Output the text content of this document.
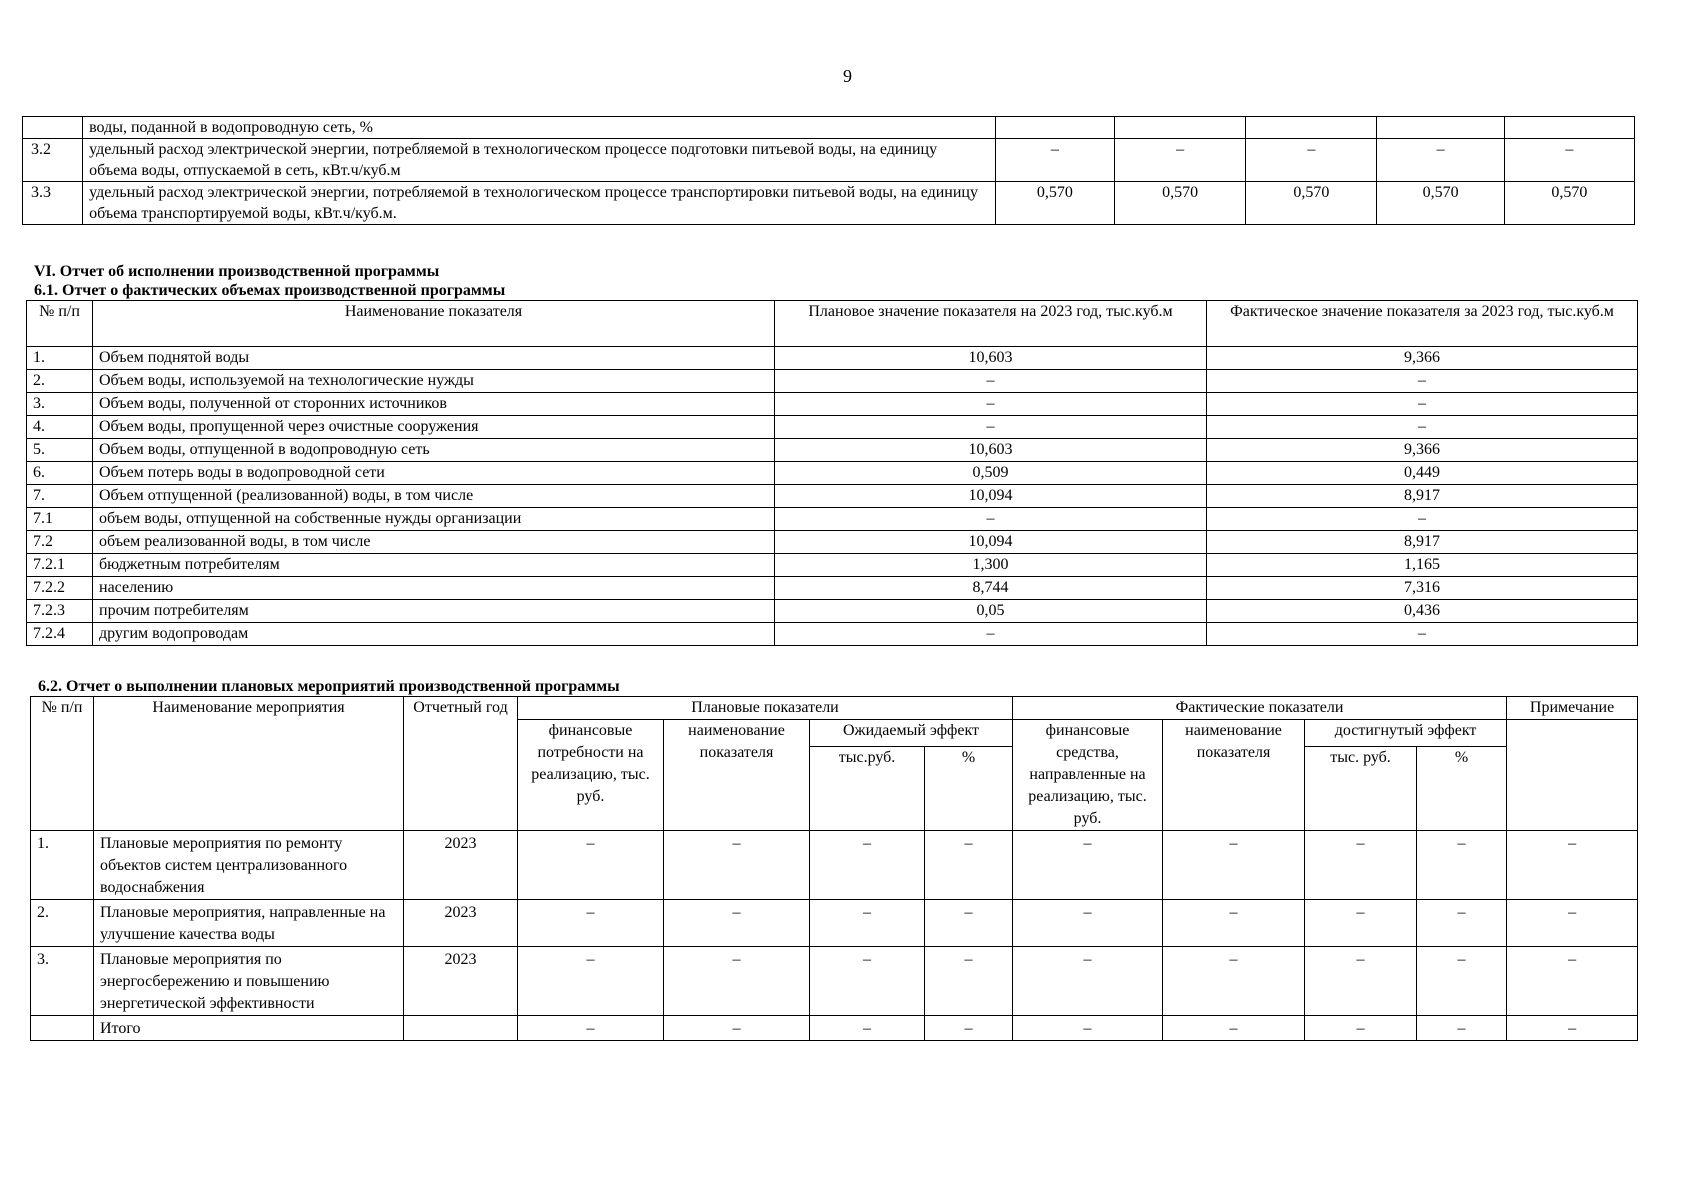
9
	воды, поданной в водопроводную сеть, %					
3.2	удельный расход электрической энергии, потребляемой в технологическом процессе подготовки питьевой воды, на единицу объема воды, отпускаемой в сеть, кВт.ч/куб.м	–	–	–	–	–
3.3	удельный расход электрической энергии, потребляемой в технологическом процессе транспортировки питьевой воды, на единицу объема транспортируемой воды, кВт.ч/куб.м.	0,570	0,570	0,570	0,570	0,570
VI. Отчет об исполнении производственной программы
6.1. Отчет о фактических объемах производственной программы
№ п/п	Наименование показателя	Плановое значение показателя на 2023 год, тыс.куб.м	Фактическое значение показателя за 2023 год, тыс.куб.м
1.	Объем поднятой воды	10,603	9,366
2.	Объем воды, используемой на технологические нужды	–	–
3.	Объем воды, полученной от сторонних источников	–	–
4.	Объем воды, пропущенной через очистные сооружения	–	–
5.	Объем воды, отпущенной в водопроводную сеть	10,603	9,366
6.	Объем потерь воды в водопроводной сети	0,509	0,449
7.	Объем отпущенной (реализованной) воды, в том числе	10,094	8,917
7.1	объем воды, отпущенной на собственные нужды организации	–	–
7.2	объем реализованной воды, в том числе	10,094	8,917
7.2.1	бюджетным потребителям	1,300	1,165
7.2.2	населению	8,744	7,316
7.2.3	прочим потребителям	0,05	0,436
7.2.4	другим водопроводам	–	–
6.2. Отчет о выполнении плановых мероприятий производственной программы
№ п/п	Наименование мероприятия	Отчетный год	Плановые показатели				Фактические показатели				Примечание
			финансовые потребности на реализацию, тыс. руб.	наименование показателя	Ожидаемый эффект		финансовые средства, направленные на реализацию, тыс. руб.	наименование показателя	достигнутый эффект		
					тыс.руб.	%			тыс. руб.	%	
1.	Плановые мероприятия по ремонту объектов систем централизованного водоснабжения	2023	–	–	–	–	–	–	–	–	–
2.	Плановые мероприятия, направленные на улучшение качества воды	2023	–	–	–	–	–	–	–	–	–
3.	Плановые мероприятия по энергосбережению и повышению энергетической эффективности	2023	–	–	–	–	–	–	–	–	–
	Итого		–	–	–	–	–	–	–	–	–
